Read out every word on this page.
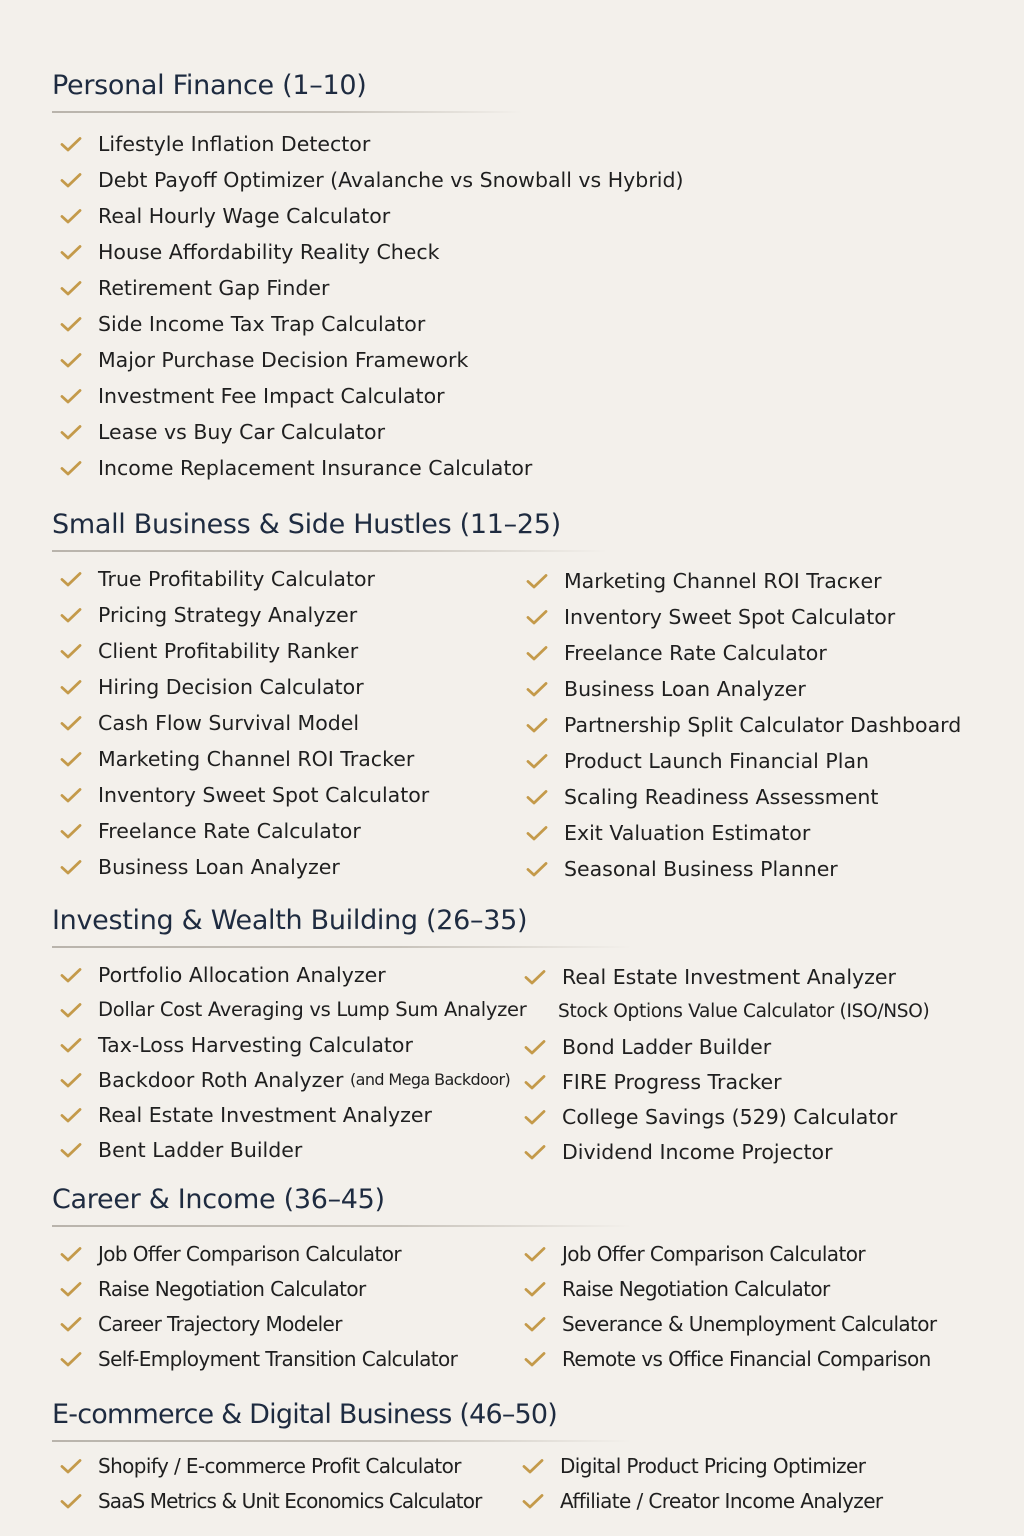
Personal Finance (1–10)
Lifestyle Inflation Detector
Debt Payoff Optimizer (Avalanche vs Snowball vs Hybrid)
Real Hourly Wage Calculator
House Affordability Reality Check
Retirement Gap Finder
Side Income Tax Trap Calculator
Major Purchase Decision Framework
Investment Fee Impact Calculator
Lease vs Buy Car Calculator
Income Replacement Insurance Calculator
Small Business & Side Hustles (11–25)
True Profitability Calculator
Pricing Strategy Analyzer
Client Profitability Ranker
Hiring Decision Calculator
Cash Flow Survival Model
Marketing Channel ROI Tracker
Inventory Sweet Spot Calculator
Freelance Rate Calculator
Business Loan Analyzer
Marketing Channel ROI Tracкer
Inventory Sweet Spot Calculator
Freelance Rate Calculator
Business Loan Analyzer
Partnership Split Calculator Dashboard
Product Launch Financial Plan
Scaling Readiness Assessment
Exit Valuation Estimator
Seasonal Business Planner
Investing & Wealth Building (26–35)
Portfolio Allocation Analyzer
Dollar Cost Averaging vs Lump Sum Analyzer
Tax-Loss Harvesting Calculator
Backdoor Roth Analyzer
(and Mega Backdoor)
Real Estate Investment Analyzer
Bent Ladder Builder
Real Estate Investment Analyzer
Stock Options Value Calculator (ISO/NSO)
Bond Ladder Builder
FIRE Progress Tracker
College Savings (529) Calculator
Dividend Income Projector
Career & Income (36–45)
Job Offer Comparison Calculator
Raise Negotiation Calculator
Career Trajectory Modeler
Self-Employment Transition Calculator
Job Offer Comparison Calculator
Raise Negotiation Calculator
Severance & Unemployment Calculator
Remote vs Office Financial Comparison
E-commerce & Digital Business (46–50)
Shopify / E-commerce Profit Calculator
SaaS Metrics & Unit Economics Calculator
Digital Product Pricing Optimizer
Affiliate / Creator Income Analyzer
